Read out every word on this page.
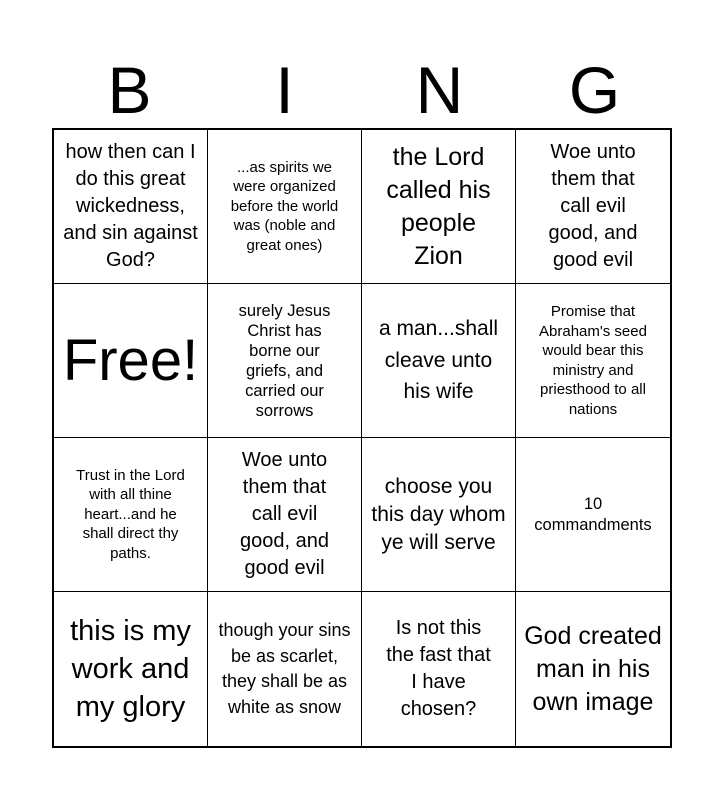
B	I	N	G
how then can I do this great wickedness, and sin against God?
...as spirits we were organized before the world was (noble and great ones)
the Lord called his people Zion
Woe unto them that call evil good, and good evil
Free!
surely Jesus Christ has borne our griefs, and carried our sorrows
a man...shall cleave unto his wife
Promise that Abraham's seed would bear this ministry and priesthood to all nations
Trust in the Lord with all thine heart...and he shall direct thy paths.
Woe unto them that call evil good, and good evil
choose you this day whom ye will serve
10 commandments
this is my work and my glory
though your sins be as scarlet, they shall be as white as snow
Is not this the fast that I have chosen?
God created man in his own image
